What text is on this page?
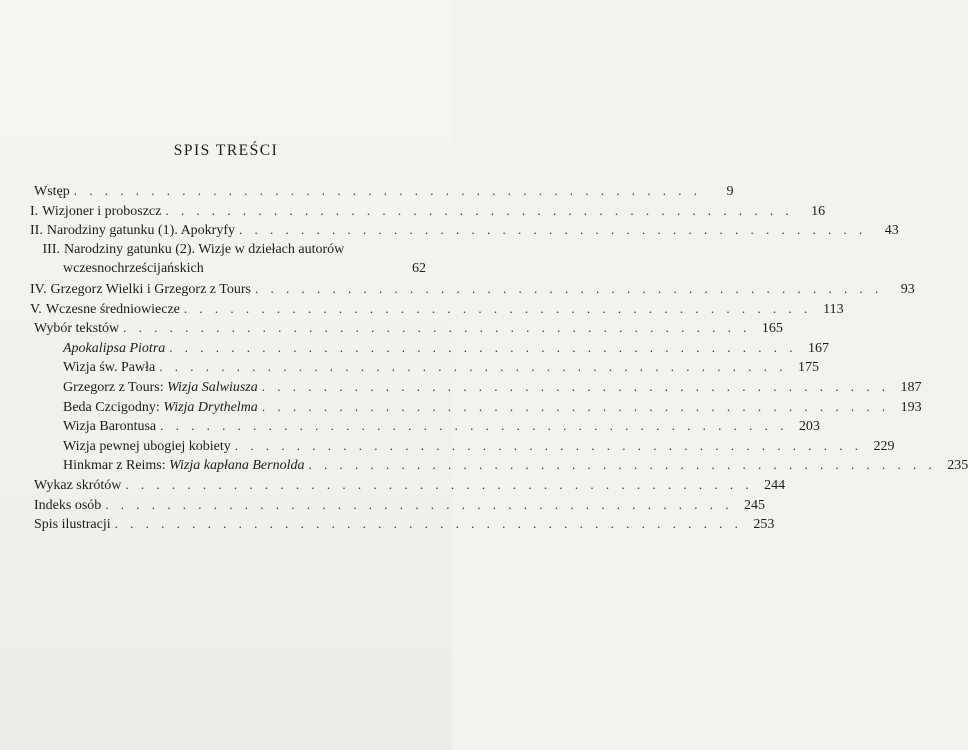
SPIS TREŚCI
Wstęp . . . . . . . . . . . . . . . . . . . . . . . . . . . . . . . . . . . . . . . . .	9
I. Wizjoner i proboszcz . . . . . . . . . . . . . . . . . . . . . . . . . . . . . . . . . . . . . . . . .	16
II. Narodziny gatunku (1). Apokryfy . . . . . . . . . . . . . . . . . . . . . . . . . . . . . . . . . . . . . . . . .	43
III. Narodziny gatunku (2). Wizje w dziełach autorów
wczesnochrześcijańskich	62
IV. Grzegorz Wielki i Grzegorz z Tours . . . . . . . . . . . . . . . . . . . . . . . . . . . . . . . . . . . . . . . . .	93
V. Wczesne średniowiecze . . . . . . . . . . . . . . . . . . . . . . . . . . . . . . . . . . . . . . . . . 113
Wybór tekstów . . . . . . . . . . . . . . . . . . . . . . . . . . . . . . . . . . . . . . . . . 165
Apokalipsa Piotra . . . . . . . . . . . . . . . . . . . . . . . . . . . . . . . . . . . . . . . . . 167
Wizja św. Pawła . . . . . . . . . . . . . . . . . . . . . . . . . . . . . . . . . . . . . . . . . 175
Grzegorz z Tours: Wizja Salwiusza . . . . . . . . . . . . . . . . . . . . . . . . . . . . . . . . . . . . . . . . . 187
Beda Czcigodny: Wizja Drythelma . . . . . . . . . . . . . . . . . . . . . . . . . . . . . . . . . . . . . . . . . 193
Wizja Barontusa . . . . . . . . . . . . . . . . . . . . . . . . . . . . . . . . . . . . . . . . . 203
Wizja pewnej ubogiej kobiety . . . . . . . . . . . . . . . . . . . . . . . . . . . . . . . . . . . . . . . . . 229
Hinkmar z Reims: Wizja kapłana Bernolda . . . . . . . . . . . . . . . . . . . . . . . . . . . . . . . . . . . . . . . . . 235
Wykaz skrótów . . . . . . . . . . . . . . . . . . . . . . . . . . . . . . . . . . . . . . . . . 244
Indeks osób . . . . . . . . . . . . . . . . . . . . . . . . . . . . . . . . . . . . . . . . . 245
Spis ilustracji . . . . . . . . . . . . . . . . . . . . . . . . . . . . . . . . . . . . . . . . . 253
